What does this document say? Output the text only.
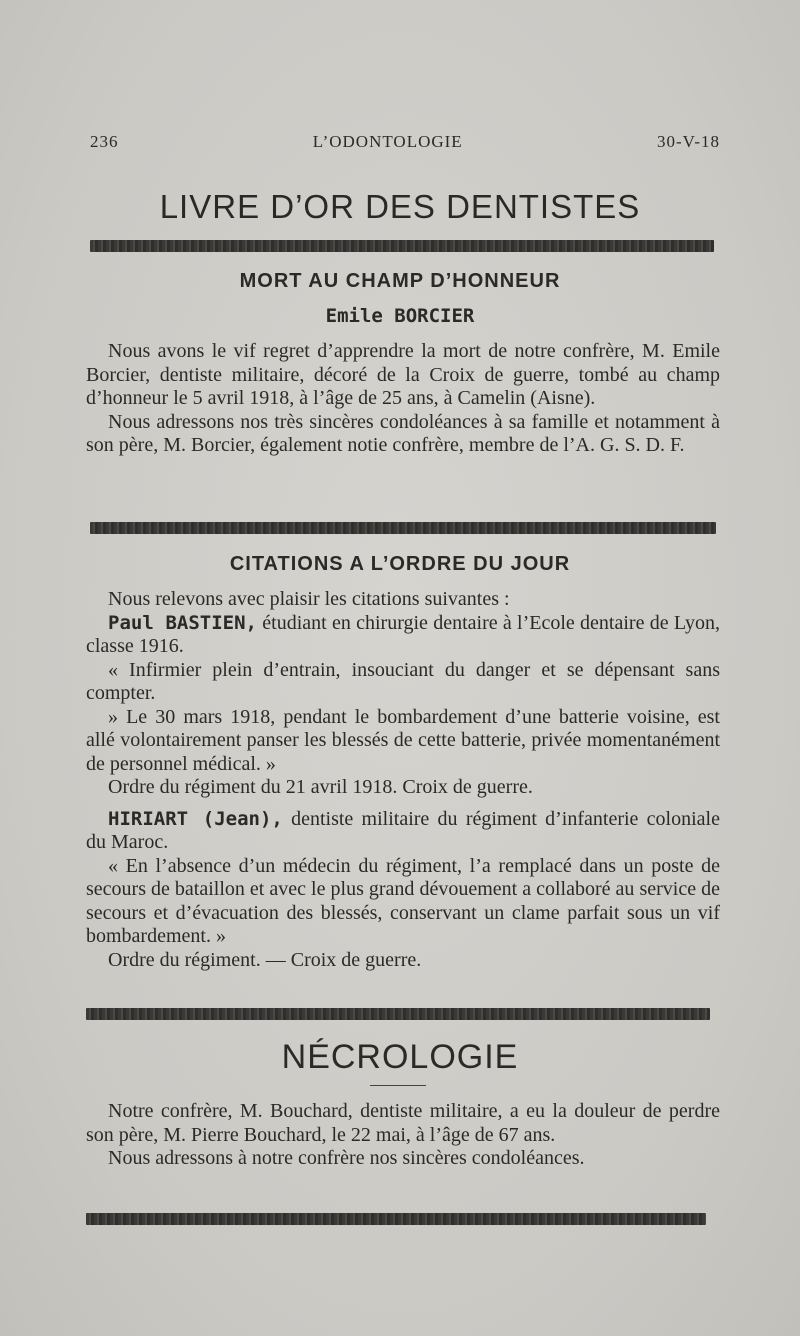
236	L’ODONTOLOGIE	30-V-18
LIVRE D’OR DES DENTISTES
MORT AU CHAMP D’HONNEUR
Emile BORCIER

Nous avons le vif regret d’apprendre la mort de notre confrère, M. Emile Borcier, dentiste militaire, décoré de la Croix de guerre, tombé au champ d’honneur le 5 avril 1918, à l’âge de 25 ans, à Camelin (Aisne).

Nous adressons nos très sincères condoléances à sa famille et notamment à son père, M. Borcier, également notie confrère, membre de l’A. G. S. D. F.

CITATIONS A L’ORDRE DU JOUR

Nous relevons avec plaisir les citations suivantes :

Paul BASTIEN, étudiant en chirurgie dentaire à l’Ecole dentaire de Lyon, classe 1916.

« Infirmier plein d’entrain, insouciant du danger et se dépensant sans compter.

» Le 30 mars 1918, pendant le bombardement d’une batterie voisine, est allé volontairement panser les blessés de cette batterie, privée momentanément de personnel médical. »

Ordre du régiment du 21 avril 1918. Croix de guerre.

HIRIART (Jean), dentiste militaire du régiment d’infanterie coloniale du Maroc.

« En l’absence d’un médecin du régiment, l’a remplacé dans un poste de secours de bataillon et avec le plus grand dévouement a collaboré au service de secours et d’évacuation des blessés, conservant un clame parfait sous un vif bombardement. »

Ordre du régiment. — Croix de guerre.

NÉCROLOGIE

Notre confrère, M. Bouchard, dentiste militaire, a eu la douleur de perdre son père, M. Pierre Bouchard, le 22 mai, à l’âge de 67 ans.

Nous adressons à notre confrère nos sincères condoléances.
